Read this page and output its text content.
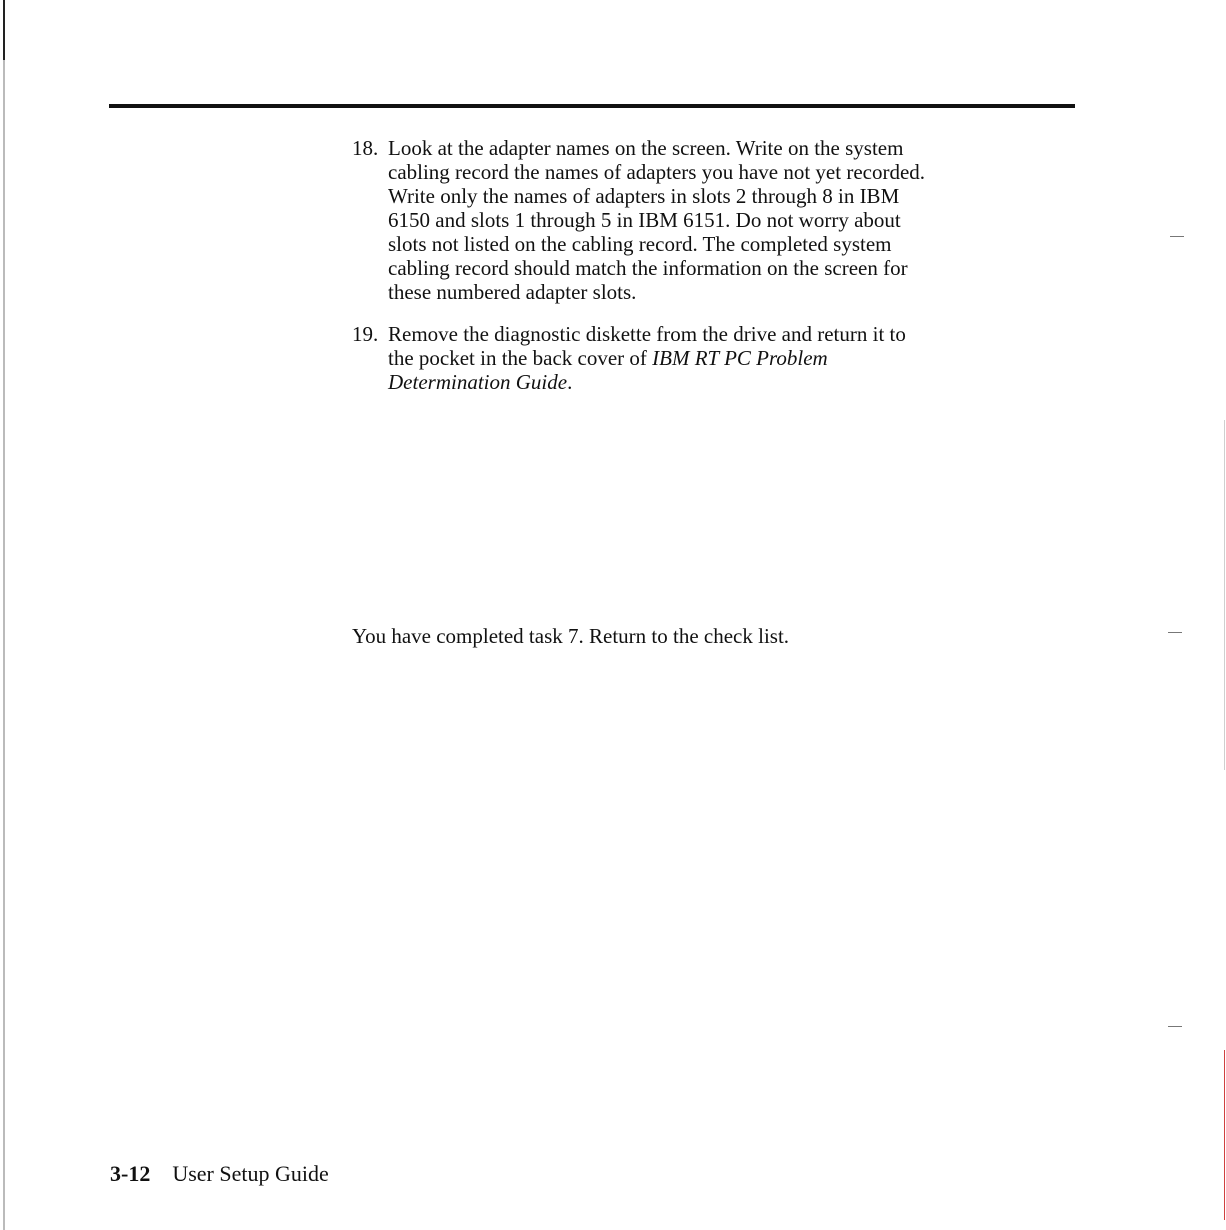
18. Look at the adapter names on the screen. Write on the system
cabling record the names of adapters you have not yet recorded.
Write only the names of adapters in slots 2 through 8 in IBM
6150 and slots 1 through 5 in IBM 6151. Do not worry about
slots not listed on the cabling record. The completed system
cabling record should match the information on the screen for
these numbered adapter slots.
19. Remove the diagnostic diskette from the drive and return it to
the pocket in the back cover of IBM RT PC Problem
Determination Guide.
You have completed task 7. Return to the check list.
3-12 User Setup Guide
